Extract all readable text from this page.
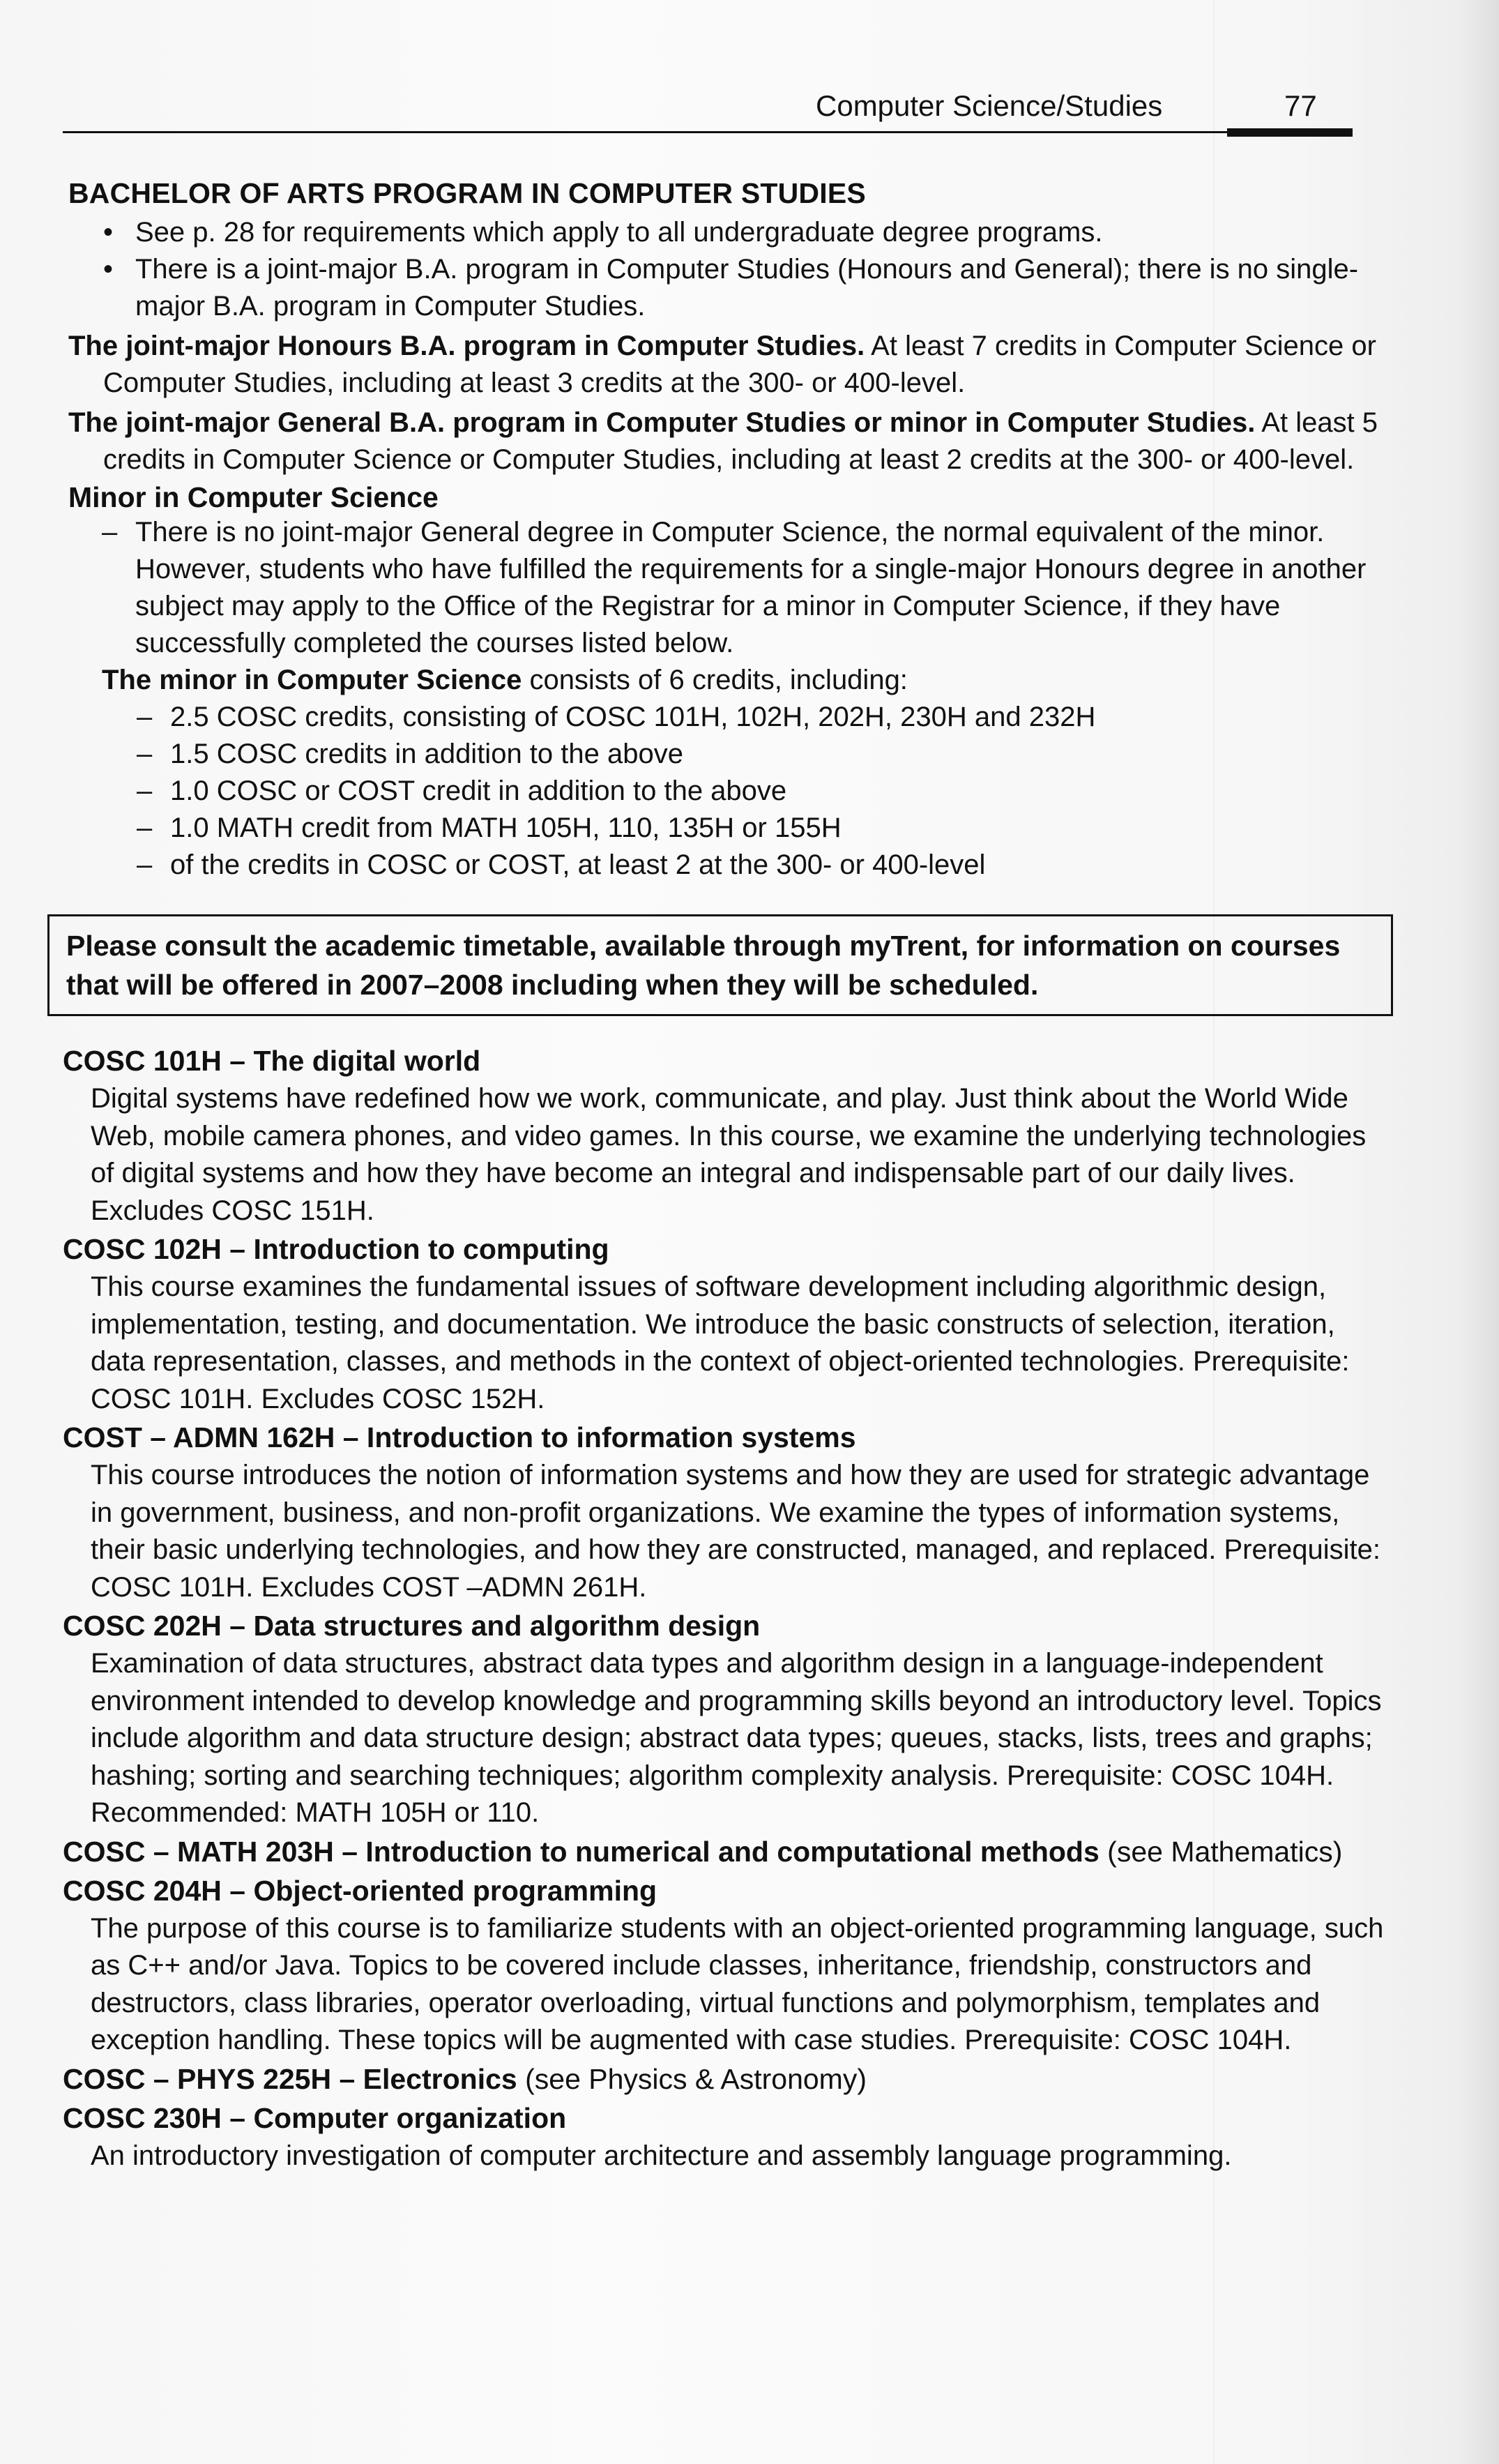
Computer Science/Studies	77
BACHELOR OF ARTS PROGRAM IN COMPUTER STUDIES
• See p. 28 for requirements which apply to all undergraduate degree programs.
• There is a joint-major B.A. program in Computer Studies (Honours and General); there is no single-major B.A. program in Computer Studies.
The joint-major Honours B.A. program in Computer Studies. At least 7 credits in Computer Science or Computer Studies, including at least 3 credits at the 300- or 400-level.
The joint-major General B.A. program in Computer Studies or minor in Computer Studies. At least 5 credits in Computer Science or Computer Studies, including at least 2 credits at the 300- or 400-level.
Minor in Computer Science
– There is no joint-major General degree in Computer Science, the normal equivalent of the minor. However, students who have fulfilled the requirements for a single-major Honours degree in another subject may apply to the Office of the Registrar for a minor in Computer Science, if they have successfully completed the courses listed below.
The minor in Computer Science consists of 6 credits, including:
– 2.5 COSC credits, consisting of COSC 101H, 102H, 202H, 230H and 232H
– 1.5 COSC credits in addition to the above
– 1.0 COSC or COST credit in addition to the above
– 1.0 MATH credit from MATH 105H, 110, 135H or 155H
– of the credits in COSC or COST, at least 2 at the 300- or 400-level
Please consult the academic timetable, available through myTrent, for information on courses that will be offered in 2007–2008 including when they will be scheduled.
COSC 101H – The digital world
Digital systems have redefined how we work, communicate, and play. Just think about the World Wide Web, mobile camera phones, and video games. In this course, we examine the underlying technologies of digital systems and how they have become an integral and indispensable part of our daily lives. Excludes COSC 151H.
COSC 102H – Introduction to computing
This course examines the fundamental issues of software development including algorithmic design, implementation, testing, and documentation. We introduce the basic constructs of selection, iteration, data representation, classes, and methods in the context of object-oriented technologies. Prerequisite: COSC 101H. Excludes COSC 152H.
COST – ADMN 162H – Introduction to information systems
This course introduces the notion of information systems and how they are used for strategic advantage in government, business, and non-profit organizations. We examine the types of information systems, their basic underlying technologies, and how they are constructed, managed, and replaced. Prerequisite: COSC 101H. Excludes COST –ADMN 261H.
COSC 202H – Data structures and algorithm design
Examination of data structures, abstract data types and algorithm design in a language-independent environment intended to develop knowledge and programming skills beyond an introductory level. Topics include algorithm and data structure design; abstract data types; queues, stacks, lists, trees and graphs; hashing; sorting and searching techniques; algorithm complexity analysis. Prerequisite: COSC 104H. Recommended: MATH 105H or 110.
COSC – MATH 203H – Introduction to numerical and computational methods (see Mathematics)
COSC 204H – Object-oriented programming
The purpose of this course is to familiarize students with an object-oriented programming language, such as C++ and/or Java. Topics to be covered include classes, inheritance, friendship, constructors and destructors, class libraries, operator overloading, virtual functions and polymorphism, templates and exception handling. These topics will be augmented with case studies. Prerequisite: COSC 104H.
COSC – PHYS 225H – Electronics (see Physics & Astronomy)
COSC 230H – Computer organization
An introductory investigation of computer architecture and assembly language programming.
